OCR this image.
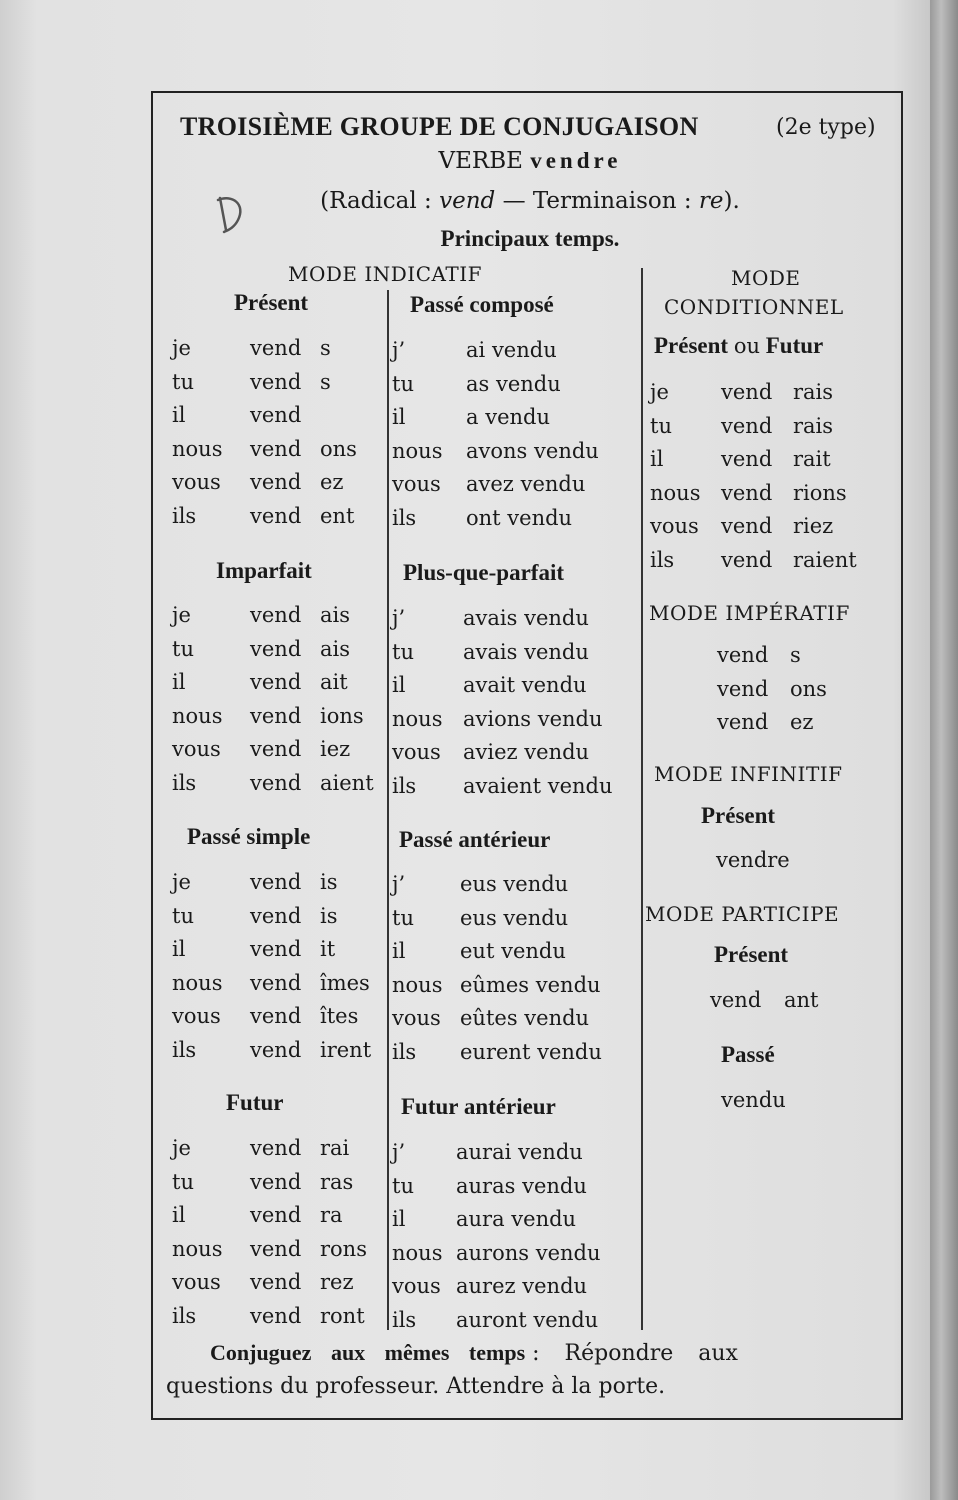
TROISIÈME GROUPE DE CONJUGAISON	(2e type)
VERBE vendre
(Radical : vend — Terminaison : re).
Principaux temps.
MODE INDICATIF	MODE
CONDITIONNEL
Présent
je	vend s
tu	vend s
il	vend
nous vend ons
vous vend ez
ils	vend ent
Imparfait
je	vend ais
tu	vend ais
il	vend ait
nous vend ions
vous vend iez
ils	vend aient
Passé simple
je	vend is
tu	vend is
il	vend it
nous vend îmes
vous vend îtes
ils	vend irent
Futur
je	vend rai
tu	vend ras
il	vend ra
nous vend rons
vous vend rez
ils	vend ront
Passé composé
j’	ai vendu
tu as vendu
il	a vendu
nous avons vendu
vous avez vendu
ils ont vendu
Plus-que-parfait
j’	avais vendu
tu avais vendu
il	avait vendu
nous avions vendu
vous aviez vendu
ils avaient vendu
Passé antérieur
j’	eus vendu
tu eus vendu
il	eut vendu
nous eûmes vendu
vous eûtes vendu
ils eurent vendu
Futur antérieur
j’ aurai vendu
tu auras vendu
il aura vendu
nous aurons vendu
vous aurez vendu
ils auront vendu
Présent ou Futur
je vend rais
tu vend rais
il	vend rait
nous vend rions
vous vend riez
ils vend raient
MODE IMPÉRATIF
vend s
vend ons
vend ez
MODE INFINITIF
Présent
vendre
MODE PARTICIPE
Présent
vend ant
Passé
vendu
Conjuguez aux mêmes temps : Répondre aux
questions du professeur. Attendre à la porte.
